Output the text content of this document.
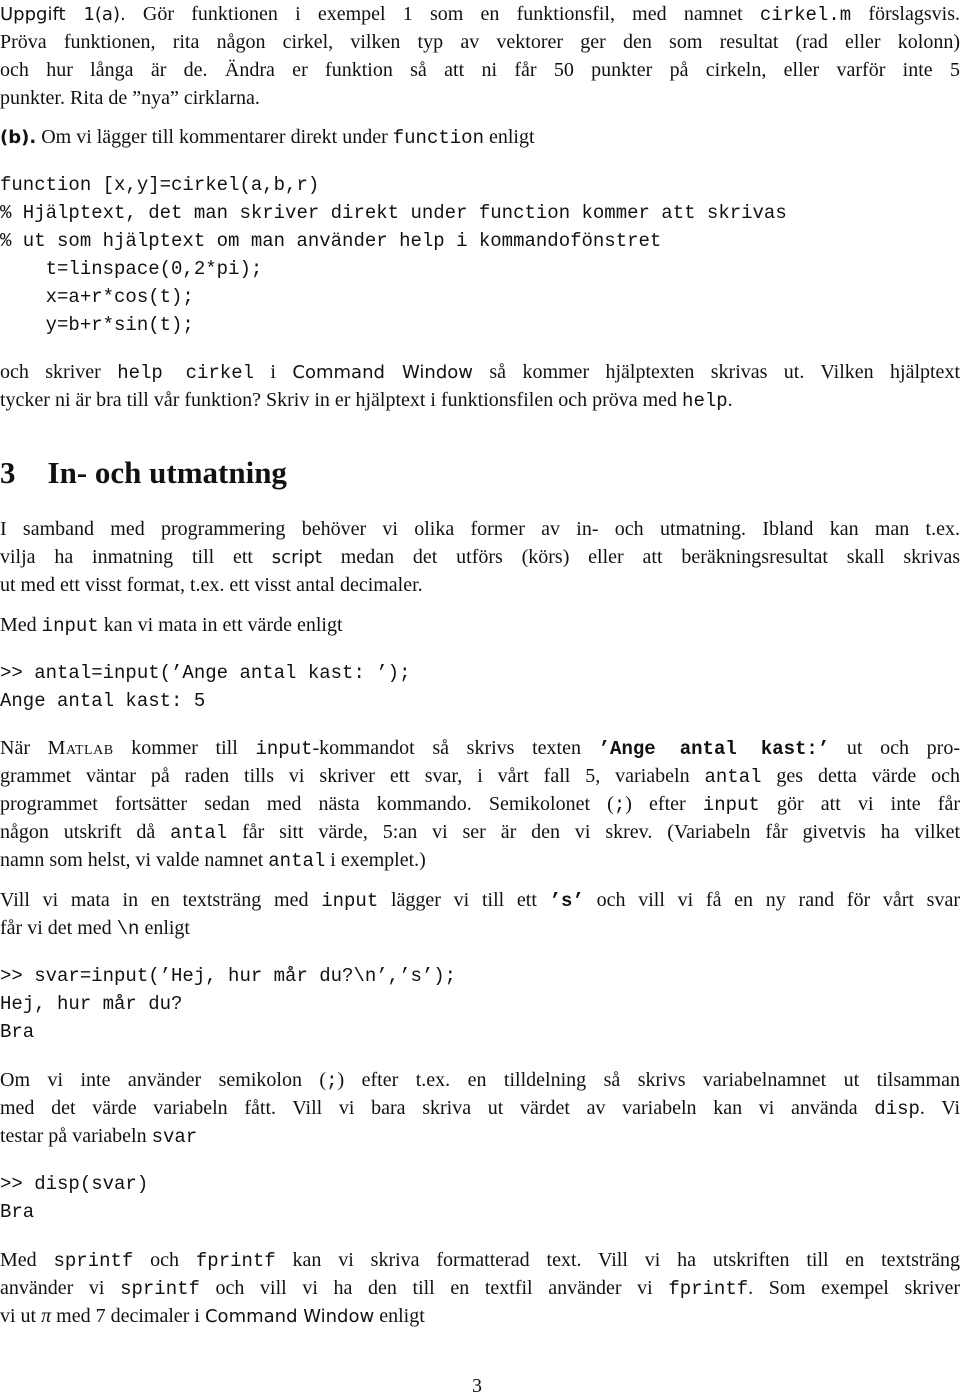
Uppgift 1(a). Gör funktionen i exempel 1 som en funktionsfil, med namnet cirkel.m förslagsvis.
Pröva funktionen, rita någon cirkel, vilken typ av vektorer ger den som resultat (rad eller kolonn)
och hur långa är de. Ändra er funktion så att ni får 50 punkter på cirkeln, eller varför inte 5
punkter. Rita de ”nya” cirklarna.
(b). Om vi lägger till kommentarer direkt under function enligt
function [x,y]=cirkel(a,b,r)
% Hjälptext, det man skriver direkt under function kommer att skrivas
% ut som hjälptext om man använder help i kommandofönstret
t=linspace(0,2*pi);
x=a+r*cos(t);
y=b+r*sin(t);
och skriver help cirkel i Command Window så kommer hjälptexten skrivas ut. Vilken hjälptext
tycker ni är bra till vår funktion? Skriv in er hjälptext i funktionsfilen och pröva med help.
3 In- och utmatning
I samband med programmering behöver vi olika former av in- och utmatning. Ibland kan man t.ex.
vilja ha inmatning till ett script medan det utförs (körs) eller att beräkningsresultat skall skrivas
ut med ett visst format, t.ex. ett visst antal decimaler.
Med input kan vi mata in ett värde enligt
>> antal=input(’Ange antal kast: ’);
Ange antal kast: 5
När Matlab kommer till input-kommandot så skrivs texten ’Ange antal kast:’ ut och pro-
grammet väntar på raden tills vi skriver ett svar, i vårt fall 5, variabeln antal ges detta värde och
programmet fortsätter sedan med nästa kommando. Semikolonet (;) efter input gör att vi inte får
någon utskrift då antal får sitt värde, 5:an vi ser är den vi skrev. (Variabeln får givetvis ha vilket
namn som helst, vi valde namnet antal i exemplet.)
Vill vi mata in en textsträng med input lägger vi till ett ’s’ och vill vi få en ny rand för vårt svar
får vi det med \n enligt
>> svar=input(’Hej, hur mår du?\n’,’s’);
Hej, hur mår du?
Bra
Om vi inte använder semikolon (;) efter t.ex. en tilldelning så skrivs variabelnamnet ut tilsamman
med det värde variabeln fått. Vill vi bara skriva ut värdet av variabeln kan vi använda disp. Vi
testar på variabeln svar
>> disp(svar)
Bra
Med sprintf och fprintf kan vi skriva formatterad text. Vill vi ha utskriften till en textsträng
använder vi sprintf och vill vi ha den till en textfil använder vi fprintf. Som exempel skriver
vi ut π med 7 decimaler i Command Window enligt
3
